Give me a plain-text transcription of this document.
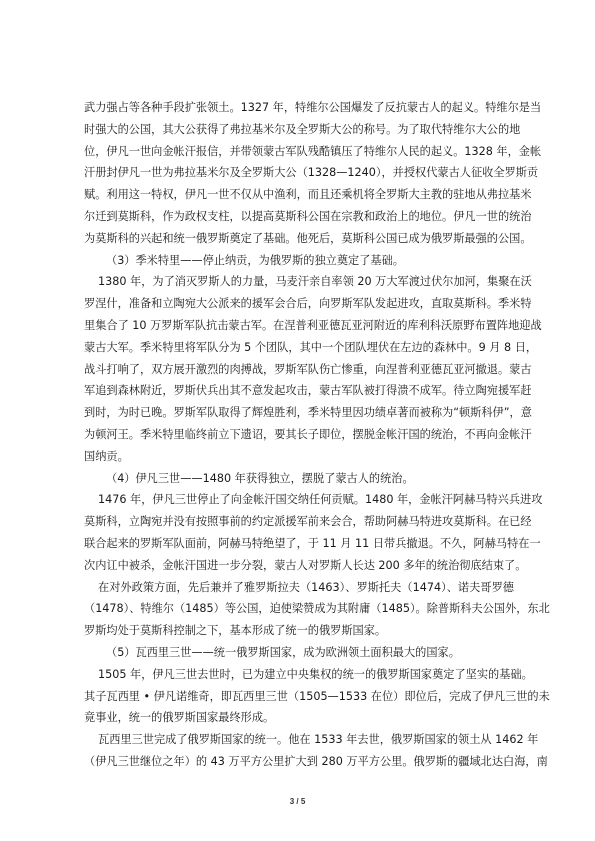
武力强占等各种手段扩张领土。1327 年，特维尔公国爆发了反抗蒙古人的起义。特维尔是当
时强大的公国，其大公获得了弗拉基米尔及全罗斯大公的称号。为了取代特维尔大公的地
位，伊凡一世向金帐汗报信，并带领蒙古军队残酷镇压了特维尔人民的起义。1328 年，金帐
汗册封伊凡一世为弗拉基米尔及全罗斯大公（1328—1240），并授权代蒙古人征收全罗斯贡
赋。利用这一特权，伊凡一世不仅从中渔利，而且还乘机将全罗斯大主教的驻地从弗拉基米
尔迁到莫斯科，作为政权支柱，以提高莫斯科公国在宗教和政治上的地位。伊凡一世的统治
为莫斯科的兴起和统一俄罗斯奠定了基础。他死后，莫斯科公国已成为俄罗斯最强的公国。
（3）季米特里——停止纳贡，为俄罗斯的独立奠定了基础。
1380 年，为了消灭罗斯人的力量，马麦汗亲自率领 20 万大军渡过伏尔加河，集聚在沃
罗涅什，准备和立陶宛大公派来的援军会合后，向罗斯军队发起进攻，直取莫斯科。季米特
里集合了 10 万罗斯军队抗击蒙古军。在涅普利亚德瓦亚河附近的库利科沃原野布置阵地迎战
蒙古大军。季米特里将军队分为 5 个团队，其中一个团队埋伏在左边的森林中。9 月 8 日，
战斗打响了，双方展开激烈的肉搏战，罗斯军队伤亡惨重，向涅普利亚德瓦亚河撤退。蒙古
军追到森林附近，罗斯伏兵出其不意发起攻击，蒙古军队被打得溃不成军。待立陶宛援军赶
到时，为时已晚。罗斯军队取得了辉煌胜利，季米特里因功绩卓著而被称为“顿斯科伊”，意
为顿河王。季米特里临终前立下遗诏，要其长子即位，摆脱金帐汗国的统治，不再向金帐汗
国纳贡。
（4）伊凡三世——1480 年获得独立，摆脱了蒙古人的统治。
1476 年，伊凡三世停止了向金帐汗国交纳任何贡赋。1480 年，金帐汗阿赫马特兴兵进攻
莫斯科，立陶宛并没有按照事前的约定派援军前来会合，帮助阿赫马特进攻莫斯科。在已经
联合起来的罗斯军队面前，阿赫马特绝望了，于 11 月 11 日带兵撤退。不久，阿赫马特在一
次内讧中被杀，金帐汗国进一步分裂，蒙古人对罗斯人长达 200 多年的统治彻底结束了。
在对外政策方面，先后兼并了雅罗斯拉夫（1463）、罗斯托夫（1474）、诺夫哥罗德
（1478）、特维尔（1485）等公国，迫使梁赞成为其附庸（1485）。除普斯科夫公国外，东北
罗斯均处于莫斯科控制之下，基本形成了统一的俄罗斯国家。
（5）瓦西里三世——统一俄罗斯国家，成为欧洲领土面积最大的国家。
1505 年，伊凡三世去世时，已为建立中央集权的统一的俄罗斯国家奠定了坚实的基础。
其子瓦西里 • 伊凡诺维奇，即瓦西里三世（1505—1533 在位）即位后，完成了伊凡三世的未
竟事业，统一的俄罗斯国家最终形成。
瓦西里三世完成了俄罗斯国家的统一。他在 1533 年去世，俄罗斯国家的领土从 1462 年
（伊凡三世继位之年）的 43 万平方公里扩大到 280 万平方公里。俄罗斯的疆域北达白海，南
3 / 5
